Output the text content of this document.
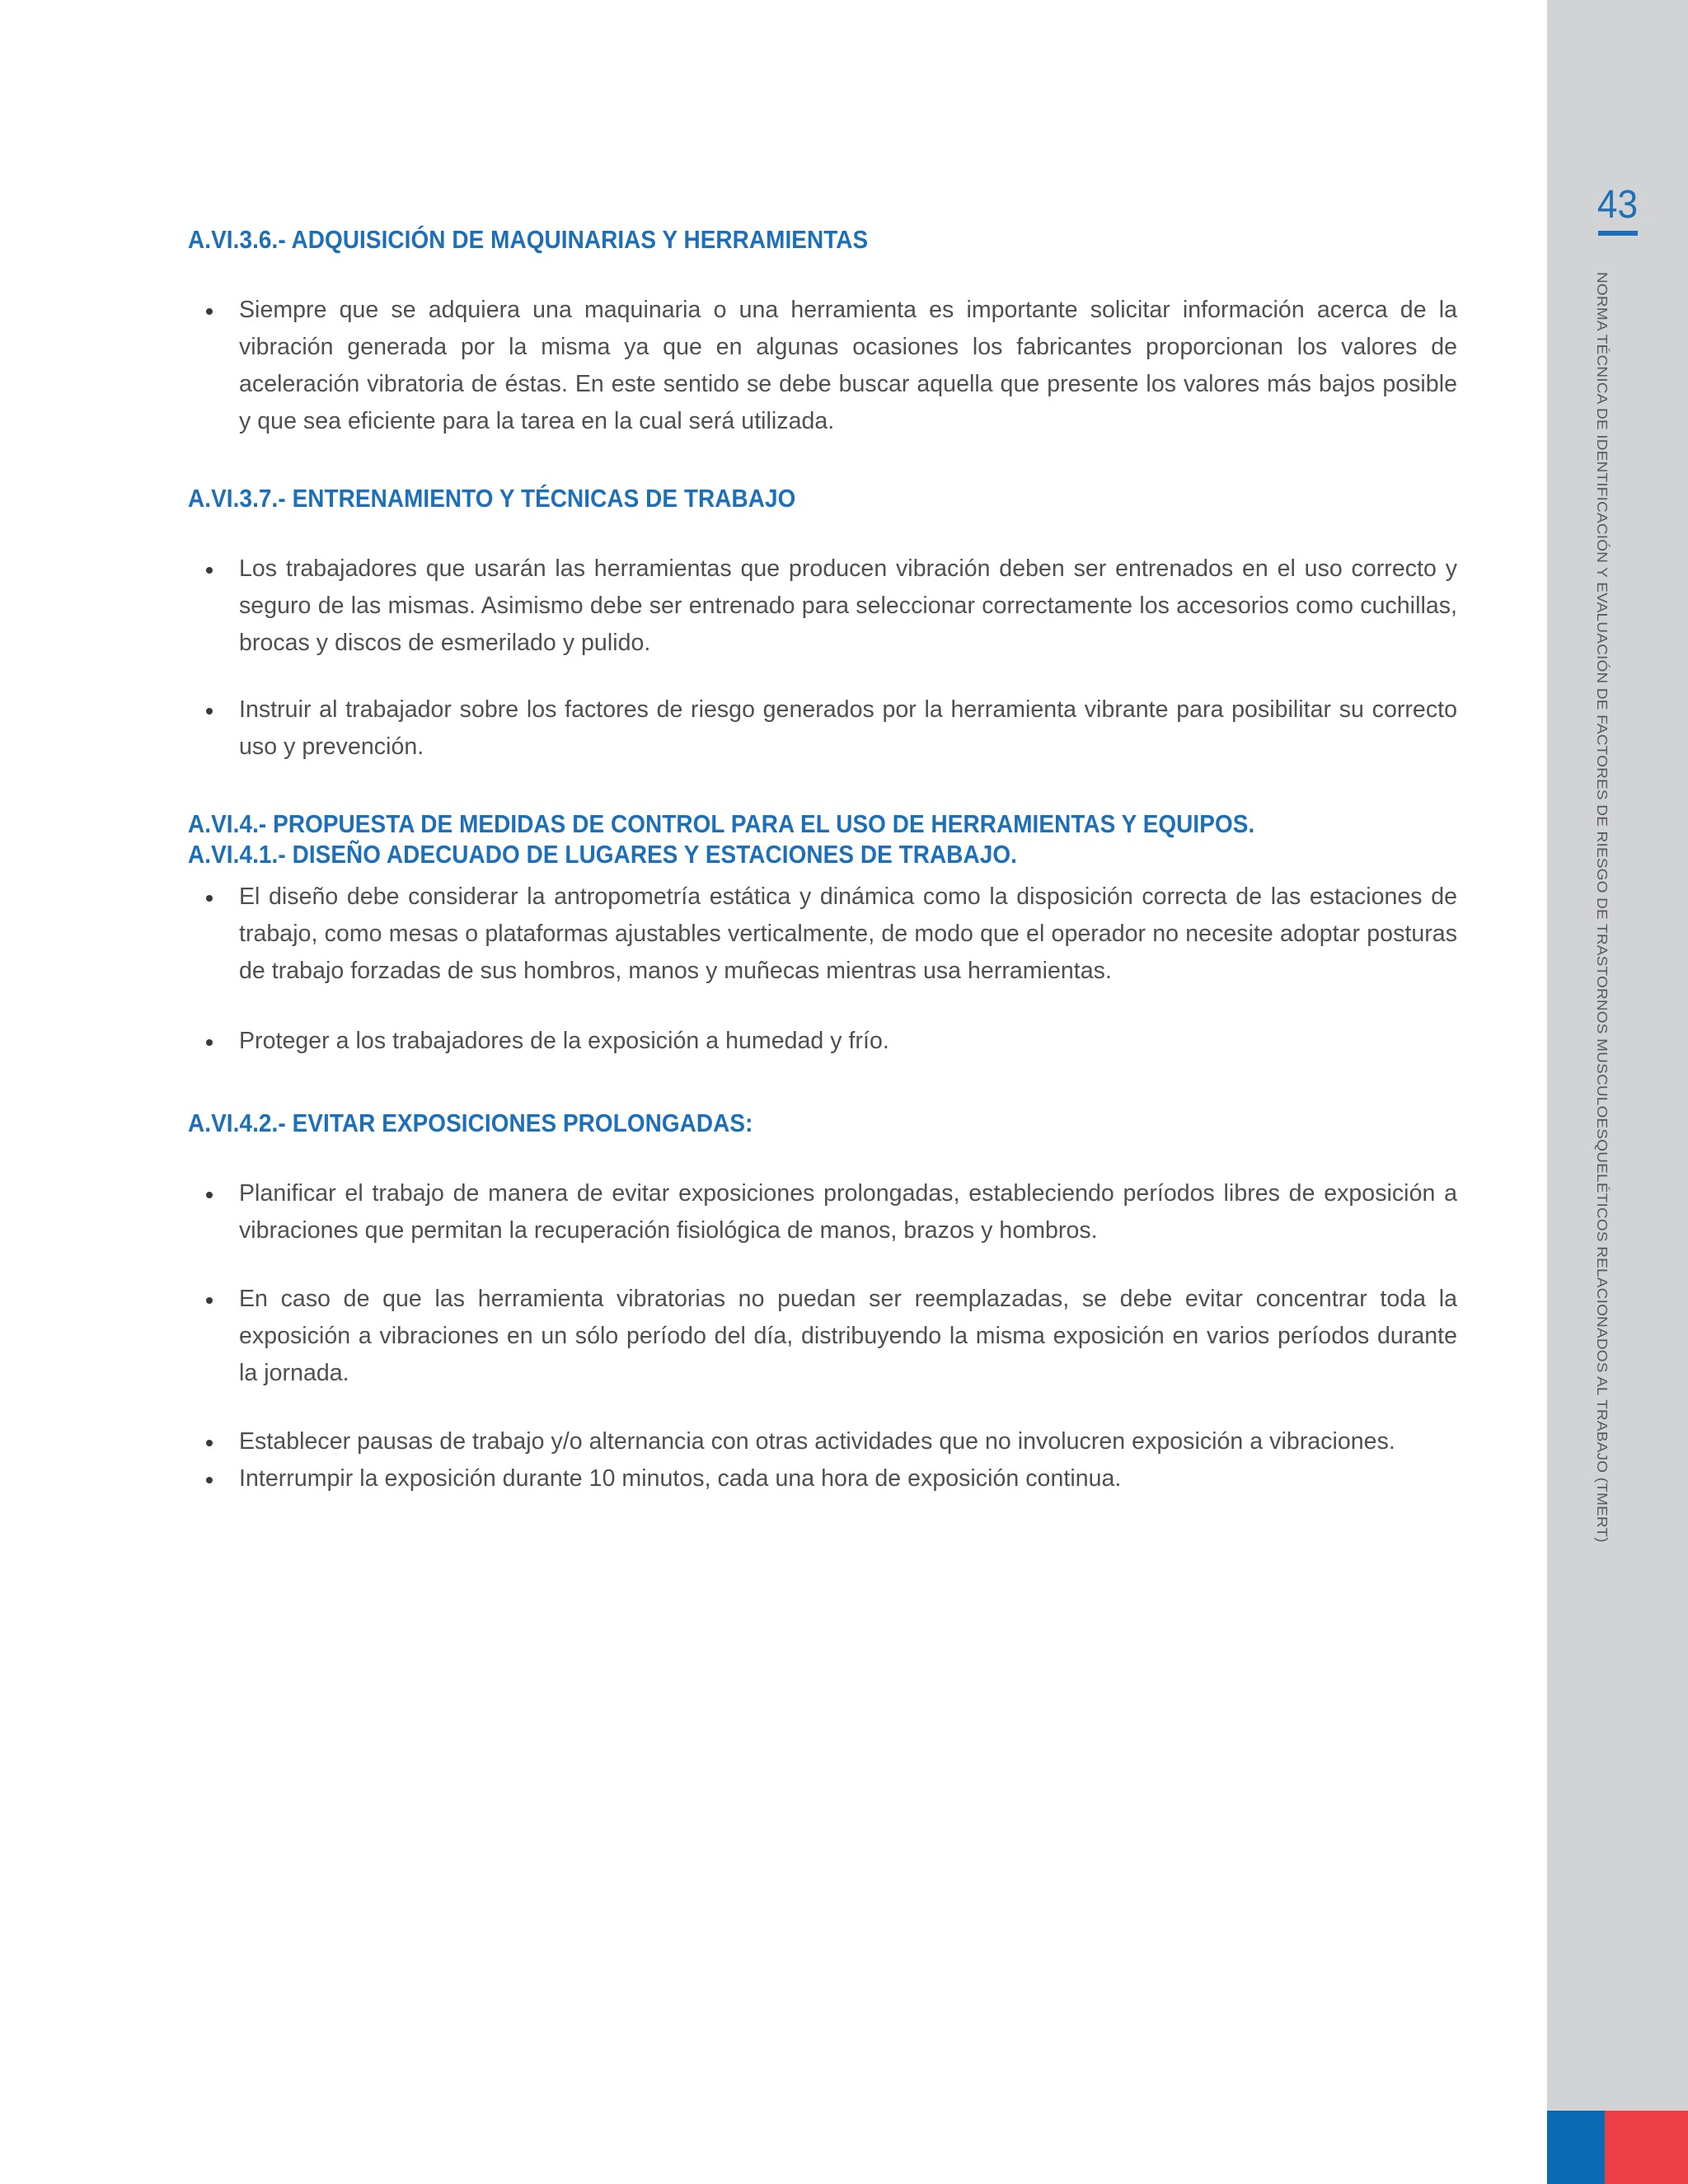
43
NORMA TÉCNICA DE IDENTIFICACIÓN Y EVALUACIÓN DE FACTORES DE RIESGO DE TRASTORNOS MUSCULOESQUELÉTICOS RELACIONADOS AL TRABAJO (TMERT)
A.VI.3.6.- ADQUISICIÓN DE MAQUINARIAS Y HERRAMIENTAS
Siempre que se adquiera una maquinaria o una herramienta es importante solicitar información acerca de la vibración generada por la misma ya que en algunas ocasiones los fabricantes proporcionan los valores de aceleración vibratoria de éstas. En este sentido se debe buscar aquella que presente los valores más bajos posible y que sea eficiente para la tarea en la cual será utilizada.
A.VI.3.7.- ENTRENAMIENTO Y TÉCNICAS DE TRABAJO
Los trabajadores que usarán las herramientas que producen vibración deben ser entrenados en el uso correcto y seguro de las mismas. Asimismo debe ser entrenado para seleccionar correctamente los accesorios como cuchillas, brocas y discos de esmerilado y pulido.
Instruir al trabajador sobre los factores de riesgo generados por la herramienta vibrante para posibilitar su correcto uso y prevención.
A.VI.4.- PROPUESTA DE MEDIDAS DE CONTROL PARA EL USO DE HERRAMIENTAS Y EQUIPOS.
A.VI.4.1.- DISEÑO ADECUADO DE LUGARES Y ESTACIONES DE TRABAJO.
El diseño debe considerar la antropometría estática y dinámica como la disposición correcta de las estaciones de trabajo, como mesas o plataformas ajustables verticalmente, de modo que el operador no necesite adoptar posturas de trabajo forzadas de sus hombros, manos y muñecas mientras usa herramientas.
Proteger a los trabajadores de la exposición a humedad y frío.
A.VI.4.2.- EVITAR EXPOSICIONES PROLONGADAS:
Planificar el trabajo de manera de evitar exposiciones prolongadas, estableciendo períodos libres de exposición a vibraciones que permitan la recuperación fisiológica de manos, brazos y hombros.
En caso de que las herramienta vibratorias no puedan ser reemplazadas, se debe evitar concentrar toda la exposición a vibraciones en un sólo período del día, distribuyendo la misma exposición en varios períodos durante la jornada.
Establecer pausas de trabajo y/o alternancia con otras actividades que no involucren exposición a vibraciones.
Interrumpir la exposición durante 10 minutos, cada una hora de exposición continua.
